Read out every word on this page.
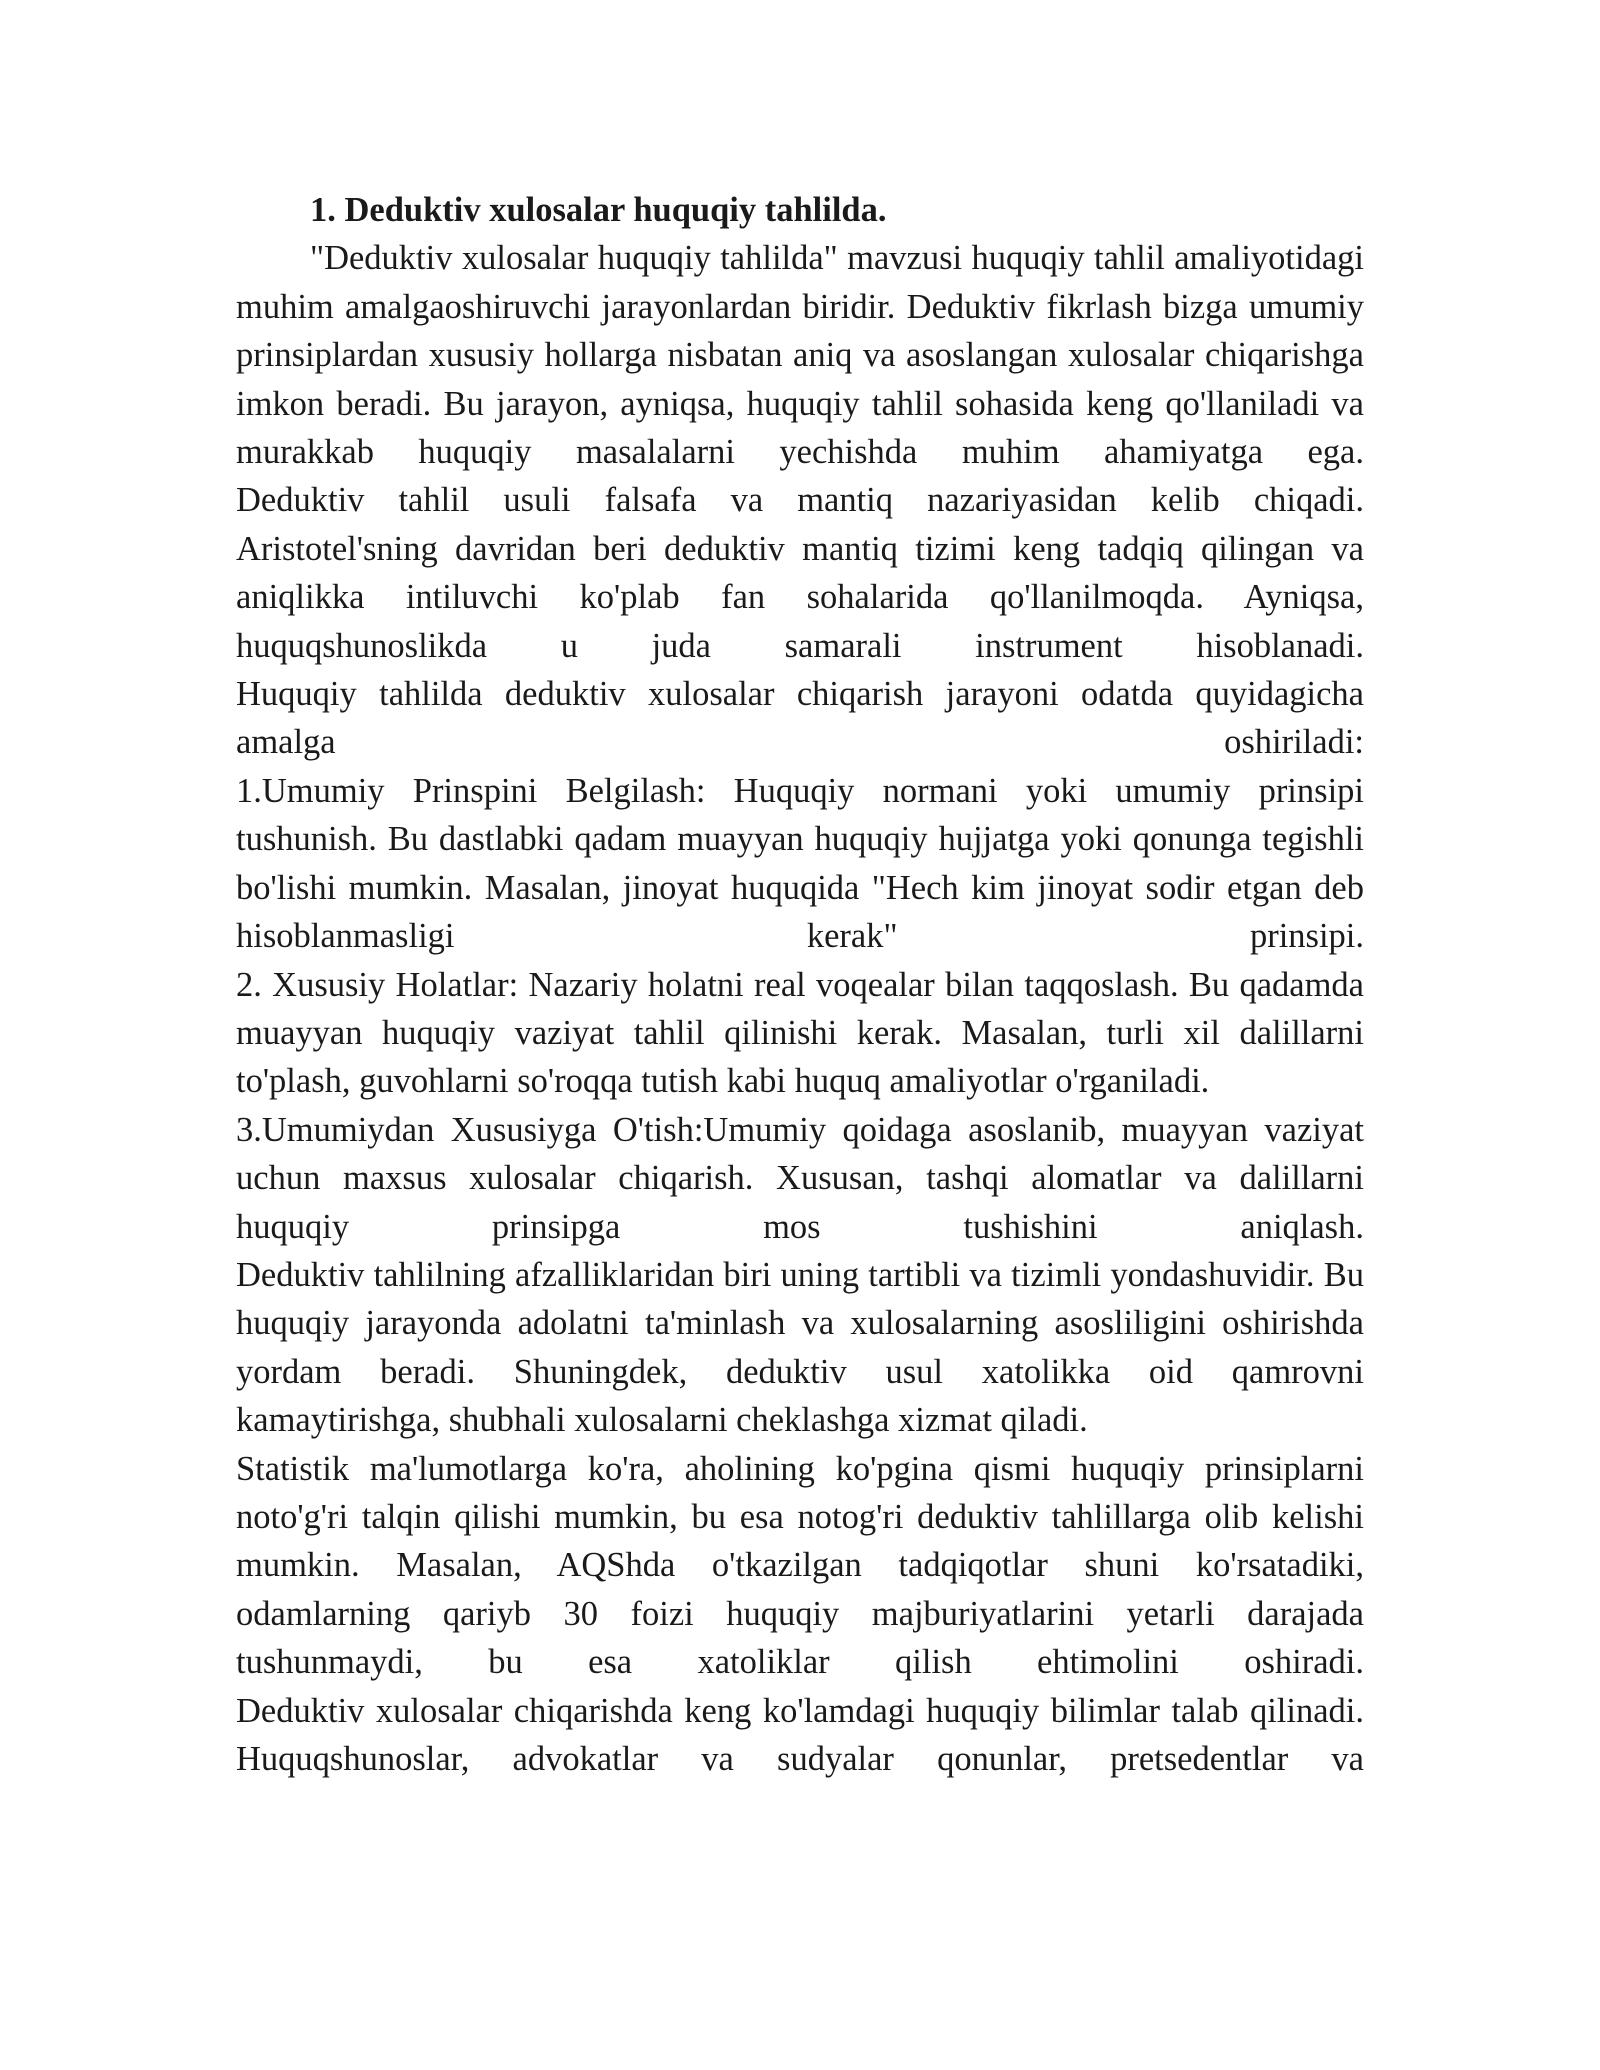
1. Deduktiv xulosalar huquqiy tahlilda.

"Deduktiv xulosalar huquqiy tahlilda" mavzusi huquqiy tahlil amaliyotidagi muhim amalgaoshiruvchi jarayonlardan biridir. Deduktiv fikrlash bizga umumiy prinsiplardan xususiy hollarga nisbatan aniq va asoslangan xulosalar chiqarishga imkon beradi. Bu jarayon, ayniqsa, huquqiy tahlil sohasida keng qo'llaniladi va murakkab huquqiy masalalarni yechishda muhim ahamiyatga ega.

Deduktiv tahlil usuli falsafa va mantiq nazariyasidan kelib chiqadi. Aristotel'sning davridan beri deduktiv mantiq tizimi keng tadqiq qilingan va aniqlikka intiluvchi ko'plab fan sohalarida qo'llanilmoqda. Ayniqsa, huquqshunoslikda u juda samarali instrument hisoblanadi.

Huquqiy tahlilda deduktiv xulosalar chiqarish jarayoni odatda quyidagicha amalga oshiriladi:

1.Umumiy Prinspini Belgilash: Huquqiy normani yoki umumiy prinsipi tushunish. Bu dastlabki qadam muayyan huquqiy hujjatga yoki qonunga tegishli bo'lishi mumkin. Masalan, jinoyat huquqida "Hech kim jinoyat sodir etgan deb hisoblanmasligi kerak" prinsipi.

2. Xususiy Holatlar: Nazariy holatni real voqealar bilan taqqoslash. Bu qadamda muayyan huquqiy vaziyat tahlil qilinishi kerak. Masalan, turli xil dalillarni to'plash, guvohlarni so'roqqa tutish kabi huquq amaliyotlar o'rganiladi.

3.Umumiydan Xususiyga O'tish:Umumiy qoidaga asoslanib, muayyan vaziyat uchun maxsus xulosalar chiqarish. Xususan, tashqi alomatlar va dalillarni huquqiy prinsipga mos tushishini aniqlash.

Deduktiv tahlilning afzalliklaridan biri uning tartibli va tizimli yondashuvidir. Bu huquqiy jarayonda adolatni ta'minlash va xulosalarning asosliligini oshirishda yordam beradi. Shuningdek, deduktiv usul xatolikka oid qamrovni kamaytirishga, shubhali xulosalarni cheklashga xizmat qiladi.

Statistik ma'lumotlarga ko'ra, aholining ko'pgina qismi huquqiy prinsiplarni noto'g'ri talqin qilishi mumkin, bu esa notog'ri deduktiv tahlillarga olib kelishi mumkin. Masalan, AQShda o'tkazilgan tadqiqotlar shuni ko'rsatadiki, odamlarning qariyb 30 foizi huquqiy majburiyatlarini yetarli darajada tushunmaydi, bu esa xatoliklar qilish ehtimolini oshiradi.

Deduktiv xulosalar chiqarishda keng ko'lamdagi huquqiy bilimlar talab qilinadi. Huquqshunoslar, advokatlar va sudyalar qonunlar, pretsedentlar va
